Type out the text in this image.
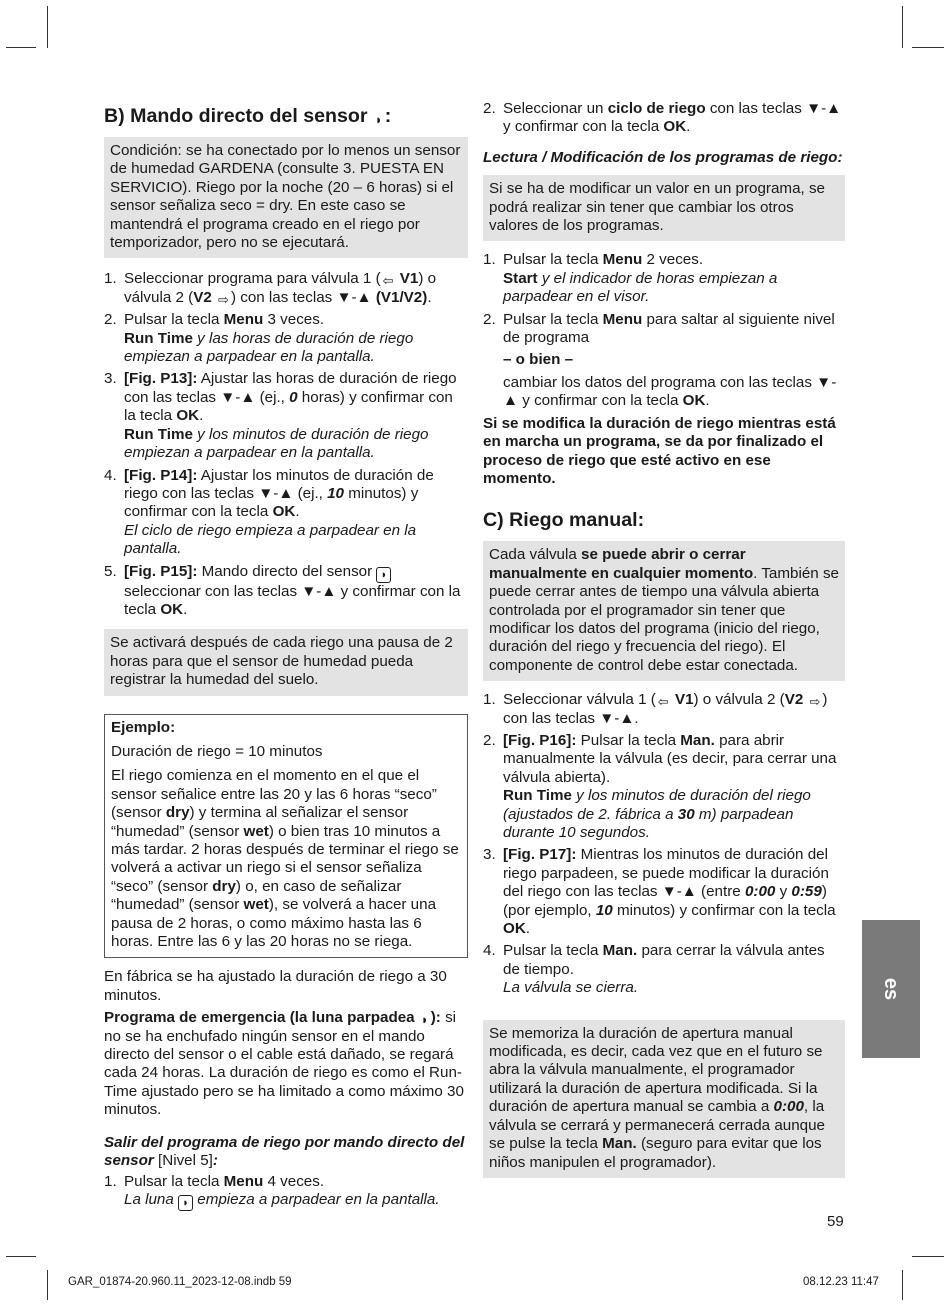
B) Mando directo del sensor ◗ :
Condición: se ha conectado por lo menos un sensor de humedad GARDENA (consulte 3. PUESTA EN SERVICIO). Riego por la noche (20 – 6 horas) si el sensor señaliza seco = dry. En este caso se mantendrá el programa creado en el riego por temporizador, pero no se ejecutará.
1. Seleccionar programa para válvula 1 ( ⇦ V1) o válvula 2 (V2 ⇨ ) con las teclas ▼-▲ (V1/V2).
2. Pulsar la tecla Menu 3 veces.
Run Time y las horas de duración de riego empiezan a parpadear en la pantalla.
3. [Fig. P13]: Ajustar las horas de duración de riego con las teclas ▼-▲ (ej., 0 horas) y confirmar con la tecla OK.
Run Time y los minutos de duración de riego empiezan a parpadear en la pantalla.
4. [Fig. P14]: Ajustar los minutos de duración de riego con las teclas ▼-▲ (ej., 10 minutos) y confirmar con la tecla OK.
El ciclo de riego empieza a parpadear en la pantalla.
5. [Fig. P15]: Mando directo del sensor ◗ seleccionar con las teclas ▼-▲ y confirmar con la tecla OK.
Se activará después de cada riego una pausa de 2 horas para que el sensor de humedad pueda registrar la humedad del suelo.
Ejemplo:
Duración de riego = 10 minutos
El riego comienza en el momento en el que el sensor señalice entre las 20 y las 6 horas “seco” (sensor dry) y termina al señalizar el sensor “humedad” (sensor wet) o bien tras 10 minutos a más tardar. 2 horas después de terminar el riego se volverá a activar un riego si el sensor señaliza “seco” (sensor dry) o, en caso de señalizar “humedad” (sensor wet), se volverá a hacer una pausa de 2 horas, o como máximo hasta las 6 horas. Entre las 6 y las 20 horas no se riega.
En fábrica se ha ajustado la duración de riego a 30 minutos.
Programa de emergencia (la luna parpadea ◗ ): si no se ha enchufado ningún sensor en el mando directo del sensor o el cable está dañado, se regará cada 24 horas. La duración de riego es como el Run-Time ajustado pero se ha limitado a como máximo 30 minutos.
Salir del programa de riego por mando directo del sensor [Nivel 5]:
1. Pulsar la tecla Menu 4 veces.
La luna ◗ empieza a parpadear en la pantalla.
2. Seleccionar un ciclo de riego con las teclas ▼-▲ y confirmar con la tecla OK.
Lectura / Modificación de los programas de riego:
Si se ha de modificar un valor en un programa, se podrá realizar sin tener que cambiar los otros valores de los programas.
1. Pulsar la tecla Menu 2 veces.
Start y el indicador de horas empiezan a parpadear en el visor.
2. Pulsar la tecla Menu para saltar al siguiente nivel de programa
– o bien –
cambiar los datos del programa con las teclas ▼-▲ y confirmar con la tecla OK.
Si se modifica la duración de riego mientras está en marcha un programa, se da por finalizado el proceso de riego que esté activo en ese momento.
C) Riego manual:
Cada válvula se puede abrir o cerrar manualmente en cualquier momento. También se puede cerrar antes de tiempo una válvula abierta controlada por el programador sin tener que modificar los datos del programa (inicio del riego, duración del riego y frecuencia del riego). El componente de control debe estar conectada.
1. Seleccionar válvula 1 ( ⇦ V1) o válvula 2 (V2 ⇨ ) con las teclas ▼-▲.
2. [Fig. P16]: Pulsar la tecla Man. para abrir manualmente la válvula (es decir, para cerrar una válvula abierta).
Run Time y los minutos de duración del riego (ajustados de 2. fábrica a 30 m) parpadean durante 10 segundos.
3. [Fig. P17]: Mientras los minutos de duración del riego parpadeen, se puede modificar la duración del riego con las teclas ▼-▲ (entre 0:00 y 0:59) (por ejemplo, 10 minutos) y confirmar con la tecla OK.
4. Pulsar la tecla Man. para cerrar la válvula antes de tiempo.
La válvula se cierra.
Se memoriza la duración de apertura manual modificada, es decir, cada vez que en el futuro se abra la válvula manualmente, el programador utilizará la duración de apertura modificada. Si la duración de apertura manual se cambia a 0:00, la válvula se cerrará y permanecerá cerrada aunque se pulse la tecla Man. (seguro para evitar que los niños manipulen el programador).
es
59
GAR_01874-20.960.11_2023-12-08.indb 59	08.12.23 11:47
